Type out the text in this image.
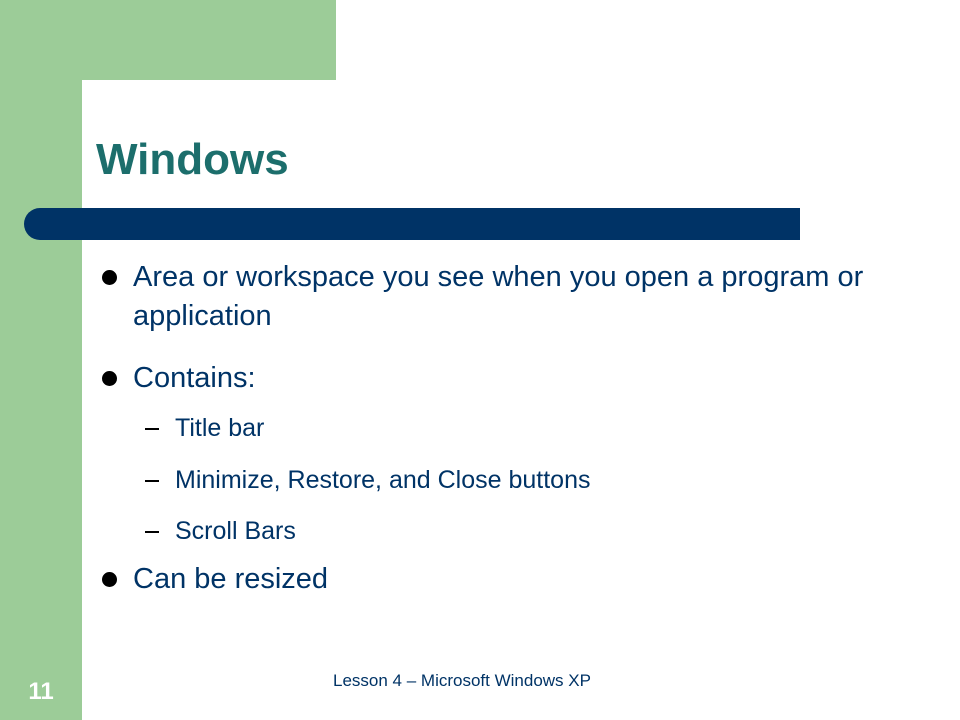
Windows
Area or workspace you see when you open a program or application
Contains:
Title bar
Minimize, Restore, and Close buttons
Scroll Bars
Can be resized
11	Lesson 4 – Microsoft Windows XP
